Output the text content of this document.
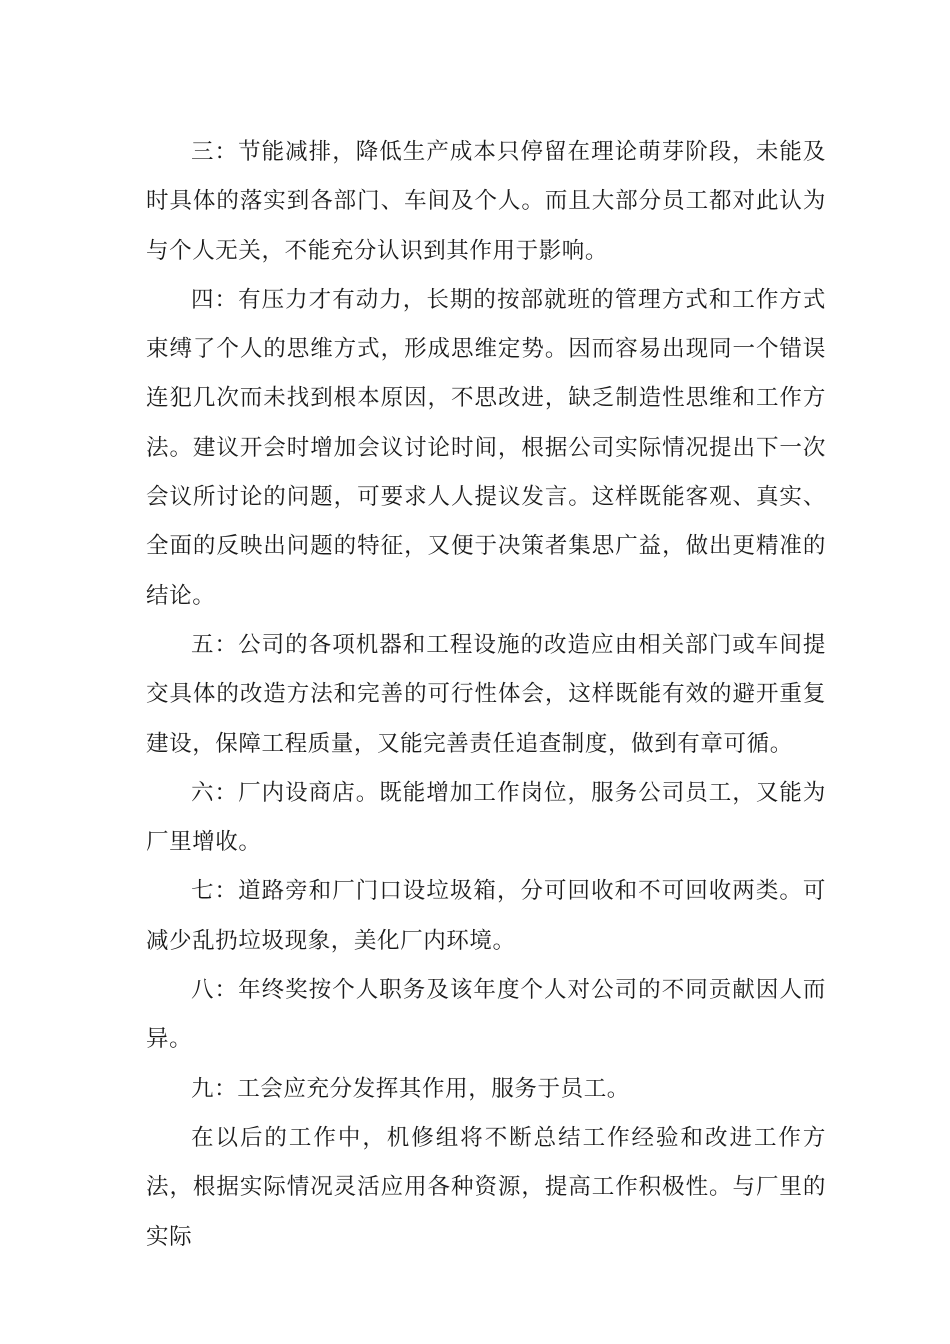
三：节能减排，降低生产成本只停留在理论萌芽阶段，未能及时具体的落实到各部门、车间及个人。而且大部分员工都对此认为与个人无关，不能充分认识到其作用于影响。

四：有压力才有动力，长期的按部就班的管理方式和工作方式束缚了个人的思维方式，形成思维定势。因而容易出现同一个错误连犯几次而未找到根本原因，不思改进，缺乏制造性思维和工作方法。建议开会时增加会议讨论时间，根据公司实际情况提出下一次会议所讨论的问题，可要求人人提议发言。这样既能客观、真实、全面的反映出问题的特征，又便于决策者集思广益，做出更精准的结论。

五：公司的各项机器和工程设施的改造应由相关部门或车间提交具体的改造方法和完善的可行性体会，这样既能有效的避开重复建设，保障工程质量，又能完善责任追查制度，做到有章可循。

六：厂内设商店。既能增加工作岗位，服务公司员工，又能为厂里增收。

七：道路旁和厂门口设垃圾箱，分可回收和不可回收两类。可减少乱扔垃圾现象，美化厂内环境。

八：年终奖按个人职务及该年度个人对公司的不同贡献因人而异。

九：工会应充分发挥其作用，服务于员工。

在以后的工作中，机修组将不断总结工作经验和改进工作方法，根据实际情况灵活应用各种资源，提高工作积极性。与厂里的实际
